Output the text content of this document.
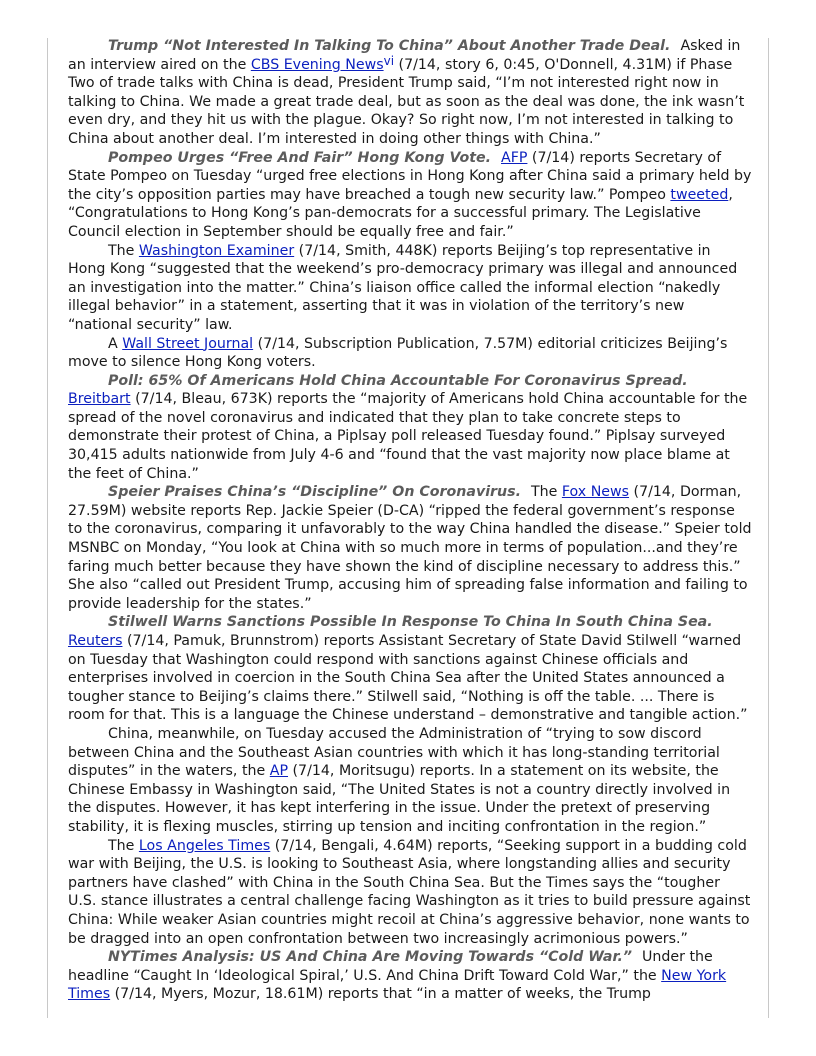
Trump “Not Interested In Talking To China” About Another Trade Deal. Asked in an interview aired on the CBS Evening News$^{vi}$ (7/14, story 6, 0:45, O'Donnell, 4.31M) if Phase Two of trade talks with China is dead, President Trump said, “I’m not interested right now in talking to China. We made a great trade deal, but as soon as the deal was done, the ink wasn’t even dry, and they hit us with the plague. Okay? So right now, I’m not interested in talking to China about another deal. I’m interested in doing other things with China.”

Pompeo Urges “Free And Fair” Hong Kong Vote. AFP (7/14) reports Secretary of State Pompeo on Tuesday “urged free elections in Hong Kong after China said a primary held by the city’s opposition parties may have breached a tough new security law.” Pompeo tweeted, “Congratulations to Hong Kong’s pan-democrats for a successful primary. The Legislative Council election in September should be equally free and fair.”

The Washington Examiner (7/14, Smith, 448K) reports Beijing’s top representative in Hong Kong “suggested that the weekend’s pro-democracy primary was illegal and announced an investigation into the matter.” China’s liaison office called the informal election “nakedly illegal behavior” in a statement, asserting that it was in violation of the territory’s new “national security” law.

A Wall Street Journal (7/14, Subscription Publication, 7.57M) editorial criticizes Beijing’s move to silence Hong Kong voters.

Poll: 65% Of Americans Hold China Accountable For Coronavirus Spread.
Breitbart (7/14, Bleau, 673K) reports the “majority of Americans hold China accountable for the spread of the novel coronavirus and indicated that they plan to take concrete steps to demonstrate their protest of China, a Piplsay poll released Tuesday found.” Piplsay surveyed 30,415 adults nationwide from July 4-6 and “found that the vast majority now place blame at the feet of China.”

Speier Praises China’s “Discipline” On Coronavirus. The Fox News (7/14, Dorman, 27.59M) website reports Rep. Jackie Speier (D-CA) “ripped the federal government’s response to the coronavirus, comparing it unfavorably to the way China handled the disease.” Speier told MSNBC on Monday, “You look at China with so much more in terms of population...and they’re faring much better because they have shown the kind of discipline necessary to address this.” She also “called out President Trump, accusing him of spreading false information and failing to provide leadership for the states.”

Stilwell Warns Sanctions Possible In Response To China In South China Sea.
Reuters (7/14, Pamuk, Brunnstrom) reports Assistant Secretary of State David Stilwell “warned on Tuesday that Washington could respond with sanctions against Chinese officials and enterprises involved in coercion in the South China Sea after the United States announced a tougher stance to Beijing’s claims there.” Stilwell said, “Nothing is off the table. ... There is room for that. This is a language the Chinese understand – demonstrative and tangible action.”

China, meanwhile, on Tuesday accused the Administration of “trying to sow discord between China and the Southeast Asian countries with which it has long-standing territorial disputes” in the waters, the AP (7/14, Moritsugu) reports. In a statement on its website, the Chinese Embassy in Washington said, “The United States is not a country directly involved in the disputes. However, it has kept interfering in the issue. Under the pretext of preserving stability, it is flexing muscles, stirring up tension and inciting confrontation in the region.”

The Los Angeles Times (7/14, Bengali, 4.64M) reports, “Seeking support in a budding cold war with Beijing, the U.S. is looking to Southeast Asia, where longstanding allies and security partners have clashed” with China in the South China Sea. But the Times says the “tougher U.S. stance illustrates a central challenge facing Washington as it tries to build pressure against China: While weaker Asian countries might recoil at China’s aggressive behavior, none wants to be dragged into an open confrontation between two increasingly acrimonious powers.”

NYTimes Analysis: US And China Are Moving Towards “Cold War.” Under the headline “Caught In ‘Ideological Spiral,’ U.S. And China Drift Toward Cold War,” the New York Times (7/14, Myers, Mozur, 18.61M) reports that “in a matter of weeks, the Trump
